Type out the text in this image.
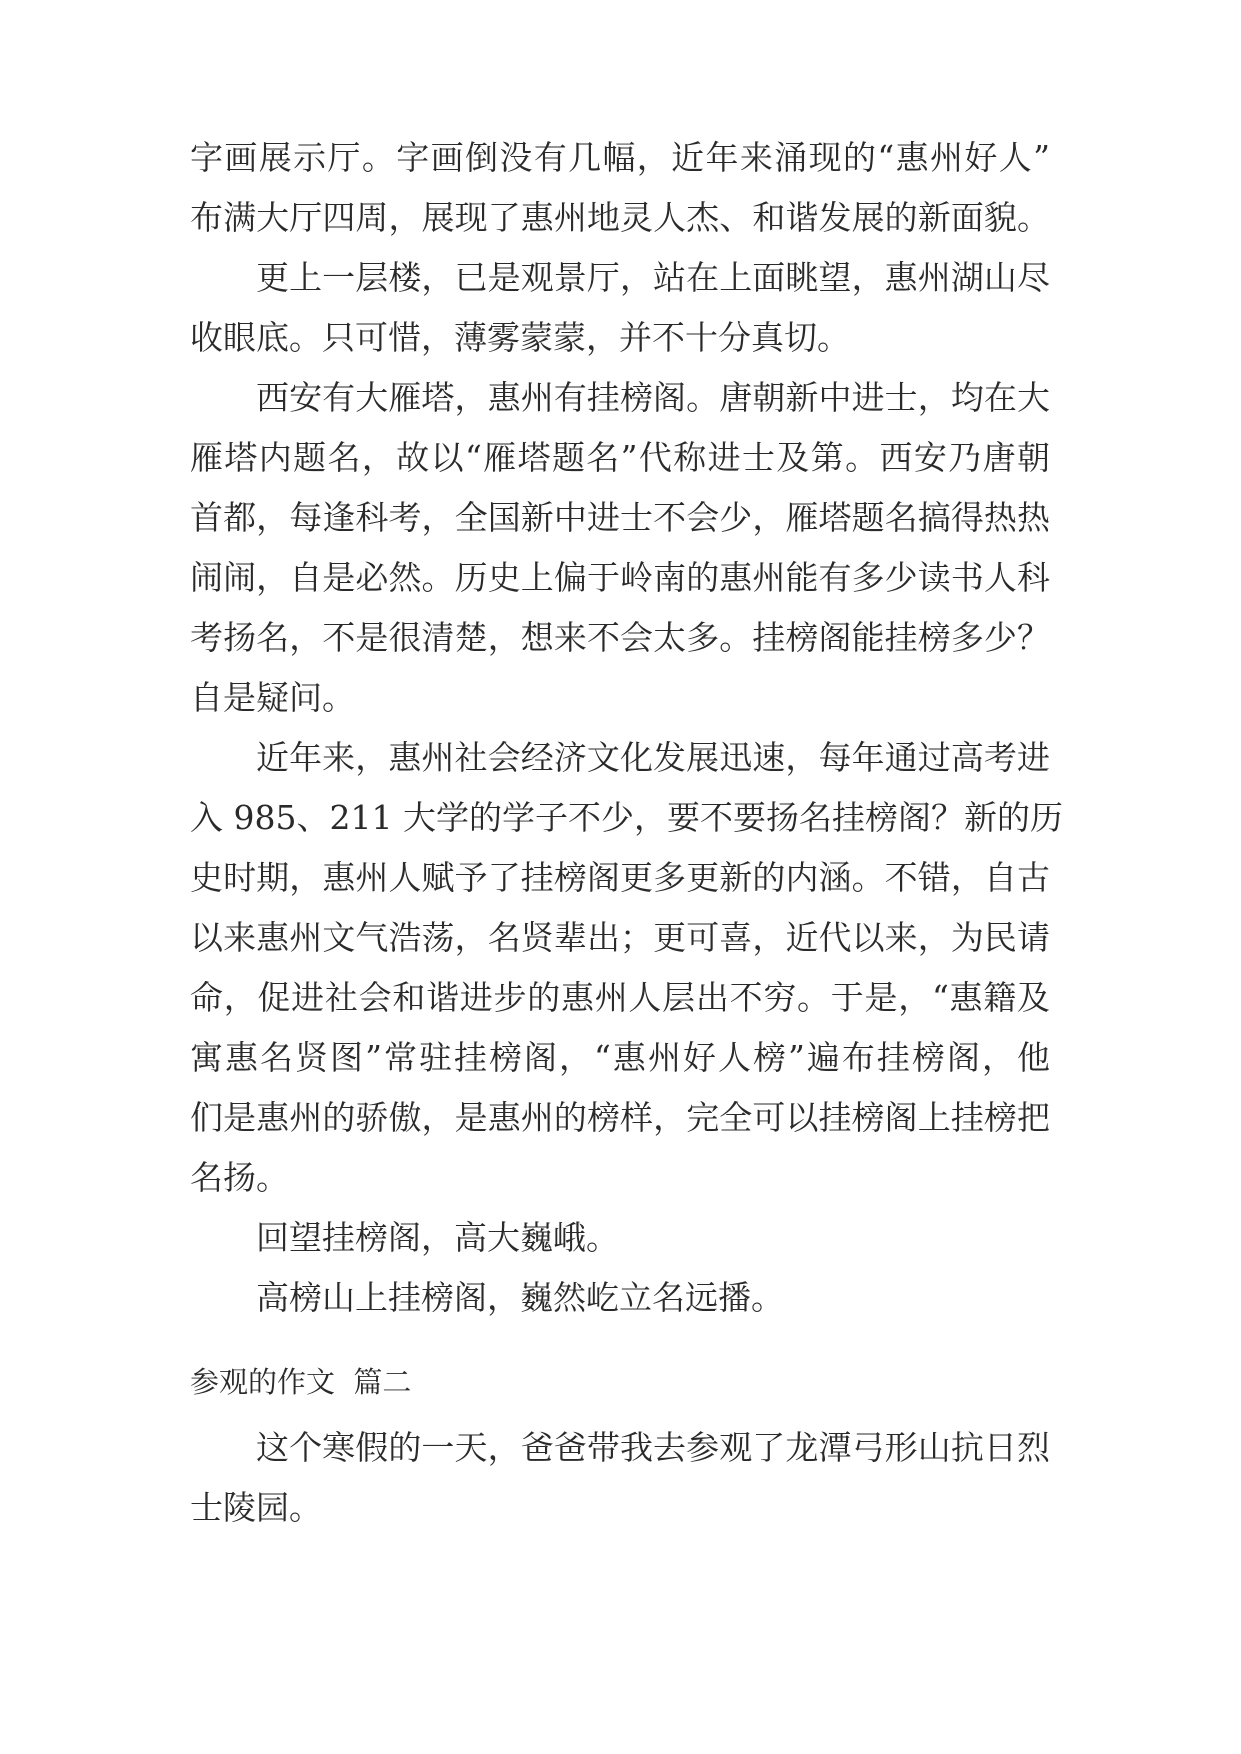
字画展示厅。字画倒没有几幅，近年来涌现的“惠州好人”
布满大厅四周，展现了惠州地灵人杰、和谐发展的新面貌。
更上一层楼，已是观景厅，站在上面眺望，惠州湖山尽
收眼底。只可惜，薄雾蒙蒙，并不十分真切。
西安有大雁塔，惠州有挂榜阁。唐朝新中进士，均在大
雁塔内题名，故以“雁塔题名”代称进士及第。西安乃唐朝
首都，每逢科考，全国新中进士不会少，雁塔题名搞得热热
闹闹，自是必然。历史上偏于岭南的惠州能有多少读书人科
考扬名，不是很清楚，想来不会太多。挂榜阁能挂榜多少？
自是疑问。
近年来，惠州社会经济文化发展迅速，每年通过高考进
入 985、211 大学的学子不少，要不要扬名挂榜阁？新的历
史时期，惠州人赋予了挂榜阁更多更新的内涵。不错，自古
以来惠州文气浩荡，名贤辈出；更可喜，近代以来，为民请
命，促进社会和谐进步的惠州人层出不穷。于是，“惠籍及
寓惠名贤图”常驻挂榜阁，“惠州好人榜”遍布挂榜阁，他
们是惠州的骄傲，是惠州的榜样，完全可以挂榜阁上挂榜把
名扬。
回望挂榜阁，高大巍峨。
高榜山上挂榜阁，巍然屹立名远播。
参观的作文  篇二
这个寒假的一天，爸爸带我去参观了龙潭弓形山抗日烈
士陵园。
